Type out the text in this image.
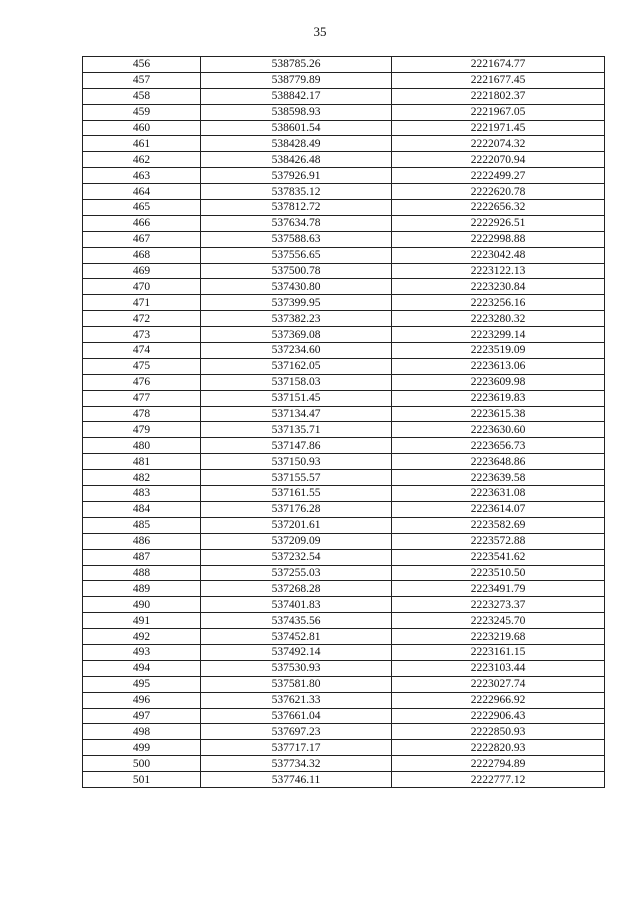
35
456	538785.26	2221674.77
457	538779.89	2221677.45
458	538842.17	2221802.37
459	538598.93	2221967.05
460	538601.54	2221971.45
461	538428.49	2222074.32
462	538426.48	2222070.94
463	537926.91	2222499.27
464	537835.12	2222620.78
465	537812.72	2222656.32
466	537634.78	2222926.51
467	537588.63	2222998.88
468	537556.65	2223042.48
469	537500.78	2223122.13
470	537430.80	2223230.84
471	537399.95	2223256.16
472	537382.23	2223280.32
473	537369.08	2223299.14
474	537234.60	2223519.09
475	537162.05	2223613.06
476	537158.03	2223609.98
477	537151.45	2223619.83
478	537134.47	2223615.38
479	537135.71	2223630.60
480	537147.86	2223656.73
481	537150.93	2223648.86
482	537155.57	2223639.58
483	537161.55	2223631.08
484	537176.28	2223614.07
485	537201.61	2223582.69
486	537209.09	2223572.88
487	537232.54	2223541.62
488	537255.03	2223510.50
489	537268.28	2223491.79
490	537401.83	2223273.37
491	537435.56	2223245.70
492	537452.81	2223219.68
493	537492.14	2223161.15
494	537530.93	2223103.44
495	537581.80	2223027.74
496	537621.33	2222966.92
497	537661.04	2222906.43
498	537697.23	2222850.93
499	537717.17	2222820.93
500	537734.32	2222794.89
501	537746.11	2222777.12
